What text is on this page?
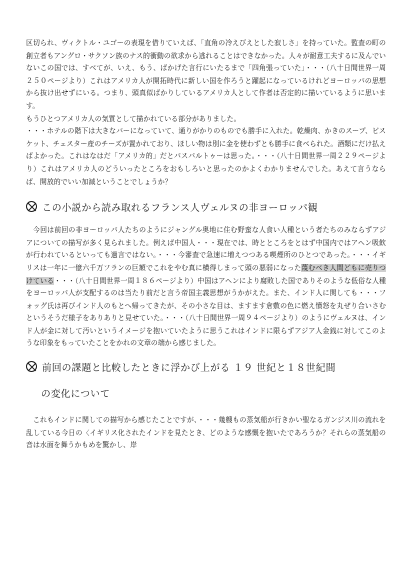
区切られ、ヴィクトル・ユゴーの表現を借りていえば、「直角の冷えびえとした寂しさ」を持っていた。監査の町の創立者もアングロ・サクソン族のナス的衝動の欲求から逃れることはできなかった。人々が耐意工夫するに及んでいないこの国では、すべてが、いえ、もう、ばかげた言行にいたるまで「四角張っていた」・・・（八十日間世界一周２５０ページより）これはアメリカ人が開拓時代に新しい国を作ろうと躍起になっているけれどヨーロッパの思想から抜け出せずにいる。つまり、頭真似ばかりしているアメリカ人として作者は否定的に描いているように思います。

もうひとつアメリカ人の気質として描かれている部分がありました。

・・・ホテルの階下は大きなバーになっていて、通りがかりのものでも勝手に入れた。乾燥肉、かきのスープ、ビスケット、チェスター産のチーズが置かれており、ほしい物は別に金を使わずとも勝手に食べられた。酒類にだけ払えばよかった。これはなはだ「アメリカ的」だとパスパルトゥーは思った。・・・（八十日間世界一周２２９ページより）これはアメリカ人のどういったところをおもしろいと思ったのかよくわかりませんでした。あえて言うならば、開放的でいい加減ということでしょうか？

この小説から読み取れるフランス人ヴェルヌの非ヨーロッパ観

今回は前回の非ヨーロッパ人たちのようにジャングル奥地に住む野蛮な人食い人種という者たちのみならずアジアについての描写が多く見られました。例えば中国人・・・現在では、時とところをとはず中国内ではアヘン吸飲が行われているといっても過言ではない。・・・今審査で急速に増えつつある喫煙所のひとつであった。・・・イギリスは一年に一億六千万フランの巨額でこれをやむ真に横得しまって頭の悪弱になった蔑むべき人間どもに売りつけている・・・（八十日間世界一周１８６ページより）中国はアヘンにより腐敗した国でありそのような低俗な人種をヨーロッパ人が支配するのは当たり前だと言う帝国主義思想がうかがえた。また、インド人に関しても・・・フォッグ氏は再びインド人のもとへ帰ってきたが、その小さな目は、ますます倉敷の色に燃え憤怒を丸ぜり合いさむというそうだ様子をありありと見せていた。・・・（八十日間世界一周９４ページより）のようにヴェルヌは、インド人が金に対して汚いというイメージを抱いていたように思うこれはインドに限らずアジア人金銭に対してこのような印象をもっていたことをかれの文章の端から感じました。

前回の課題と比較したときに浮かび上がる １９ 世紀と１８世紀間
の変化について

これもインドに関しての描写から感じたことですが、・・・幾艘もの蒸気船が行きかい聖なるガンジス川の流れを乱している今日の〈イギリス化されたインドを見たとき、どのような感慨を抱いたであろうか？それらの蒸気船の音は水面を舞うかもめを驚かし、岸
